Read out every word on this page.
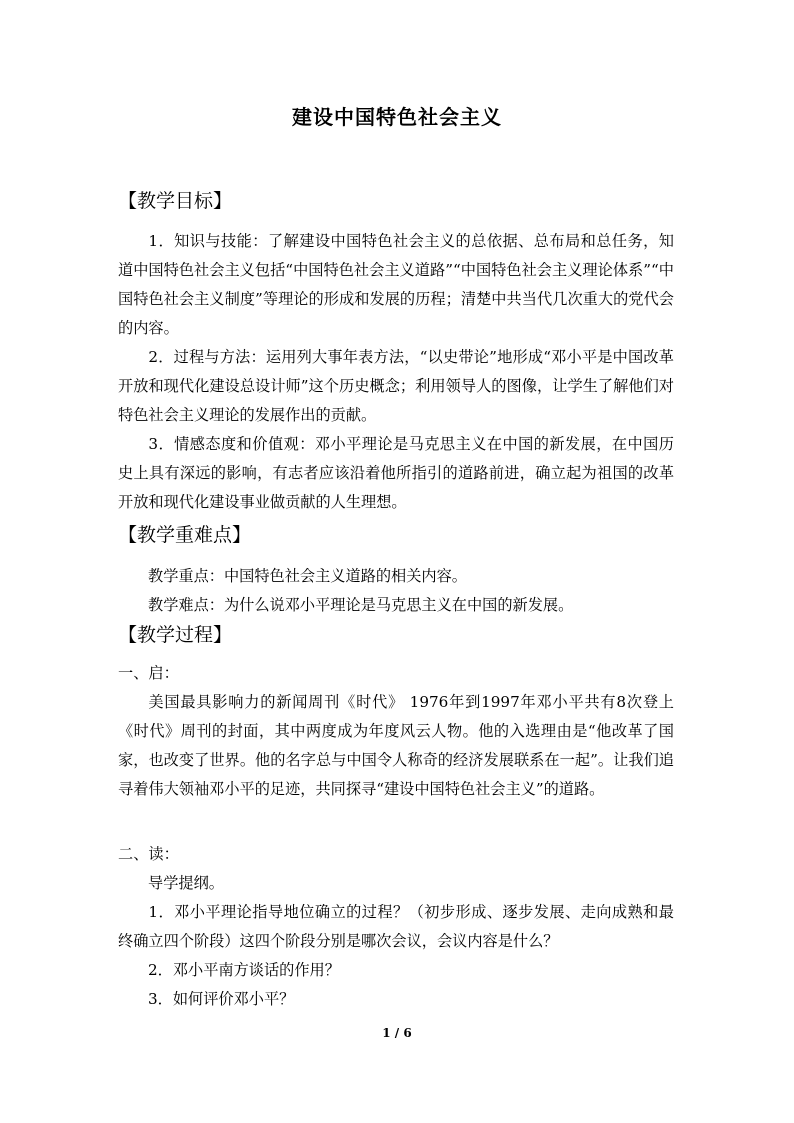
建设中国特色社会主义
【教学目标】

1．知识与技能：了解建设中国特色社会主义的总依据、总布局和总任务，知道中国特色社会主义包括“中国特色社会主义道路”“中国特色社会主义理论体系”“中国特色社会主义制度”等理论的形成和发展的历程；清楚中共当代几次重大的党代会的内容。

2．过程与方法：运用列大事年表方法，“以史带论”地形成“邓小平是中国改革开放和现代化建设总设计师”这个历史概念；利用领导人的图像，让学生了解他们对特色社会主义理论的发展作出的贡献。

3．情感态度和价值观：邓小平理论是马克思主义在中国的新发展，在中国历史上具有深远的影响，有志者应该沿着他所指引的道路前进，确立起为祖国的改革开放和现代化建设事业做贡献的人生理想。

【教学重难点】

教学重点：中国特色社会主义道路的相关内容。

教学难点：为什么说邓小平理论是马克思主义在中国的新发展。

【教学过程】

一、启：

美国最具影响力的新闻周刊《时代》 1976年到1997年邓小平共有8次登上《时代》周刊的封面，其中两度成为年度风云人物。他的入选理由是“他改革了国家，也改变了世界。他的名字总与中国令人称奇的经济发展联系在一起”。让我们追寻着伟大领袖邓小平的足迹，共同探寻“建设中国特色社会主义”的道路。

二、读：

导学提纲。

1．邓小平理论指导地位确立的过程？（初步形成、逐步发展、走向成熟和最终确立四个阶段）这四个阶段分别是哪次会议，会议内容是什么？

2．邓小平南方谈话的作用？

3．如何评价邓小平？

1 / 6
